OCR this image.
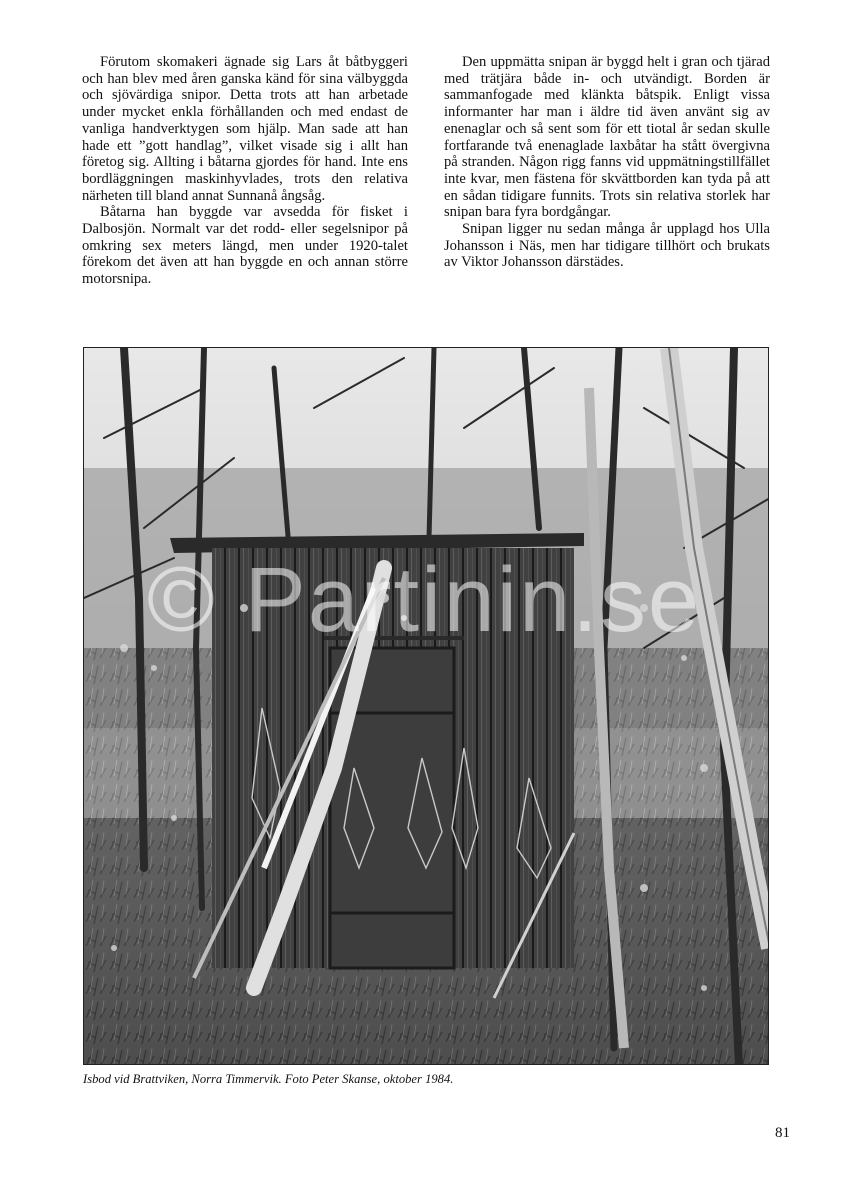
Förutom skomakeri ägnade sig Lars åt båtbyggeri och han blev med åren ganska känd för sina välbyggda och sjövärdiga snipor. Detta trots att han arbetade under mycket enkla förhållanden och med endast de vanliga handverktygen som hjälp. Man sade att han hade ett ”gott handlag”, vilket visade sig i allt han företog sig. Allting i båtarna gjordes för hand. Inte ens bordläggningen maskinhyvlades, trots den relativa närheten till bland annat Sunnanå ångsåg.

Båtarna han byggde var avsedda för fisket i Dalbosjön. Normalt var det rodd- eller segelsnipor på omkring sex meters längd, men under 1920-talet förekom det även att han byggde en och annan större motorsnipa.

Den uppmätta snipan är byggd helt i gran och tjärad med trätjära både in- och utvändigt. Borden är sammanfogade med klänkta båtspik. Enligt vissa informanter har man i äldre tid även använt sig av enenaglar och så sent som för ett tiotal år sedan skulle fortfarande två enenaglade laxbåtar ha stått övergivna på stranden. Någon rigg fanns vid uppmätningstillfället inte kvar, men fästena för skvättborden kan tyda på att en sådan tidigare funnits. Trots sin relativa storlek har snipan bara fyra bordgångar.

Snipan ligger nu sedan många år upplagd hos Ulla Johansson i Näs, men har tidigare tillhört och brukats av Viktor Johansson därstädes.

© Partinin.se
Isbod vid Brattviken, Norra Timmervik. Foto Peter Skanse, oktober 1984.
81
